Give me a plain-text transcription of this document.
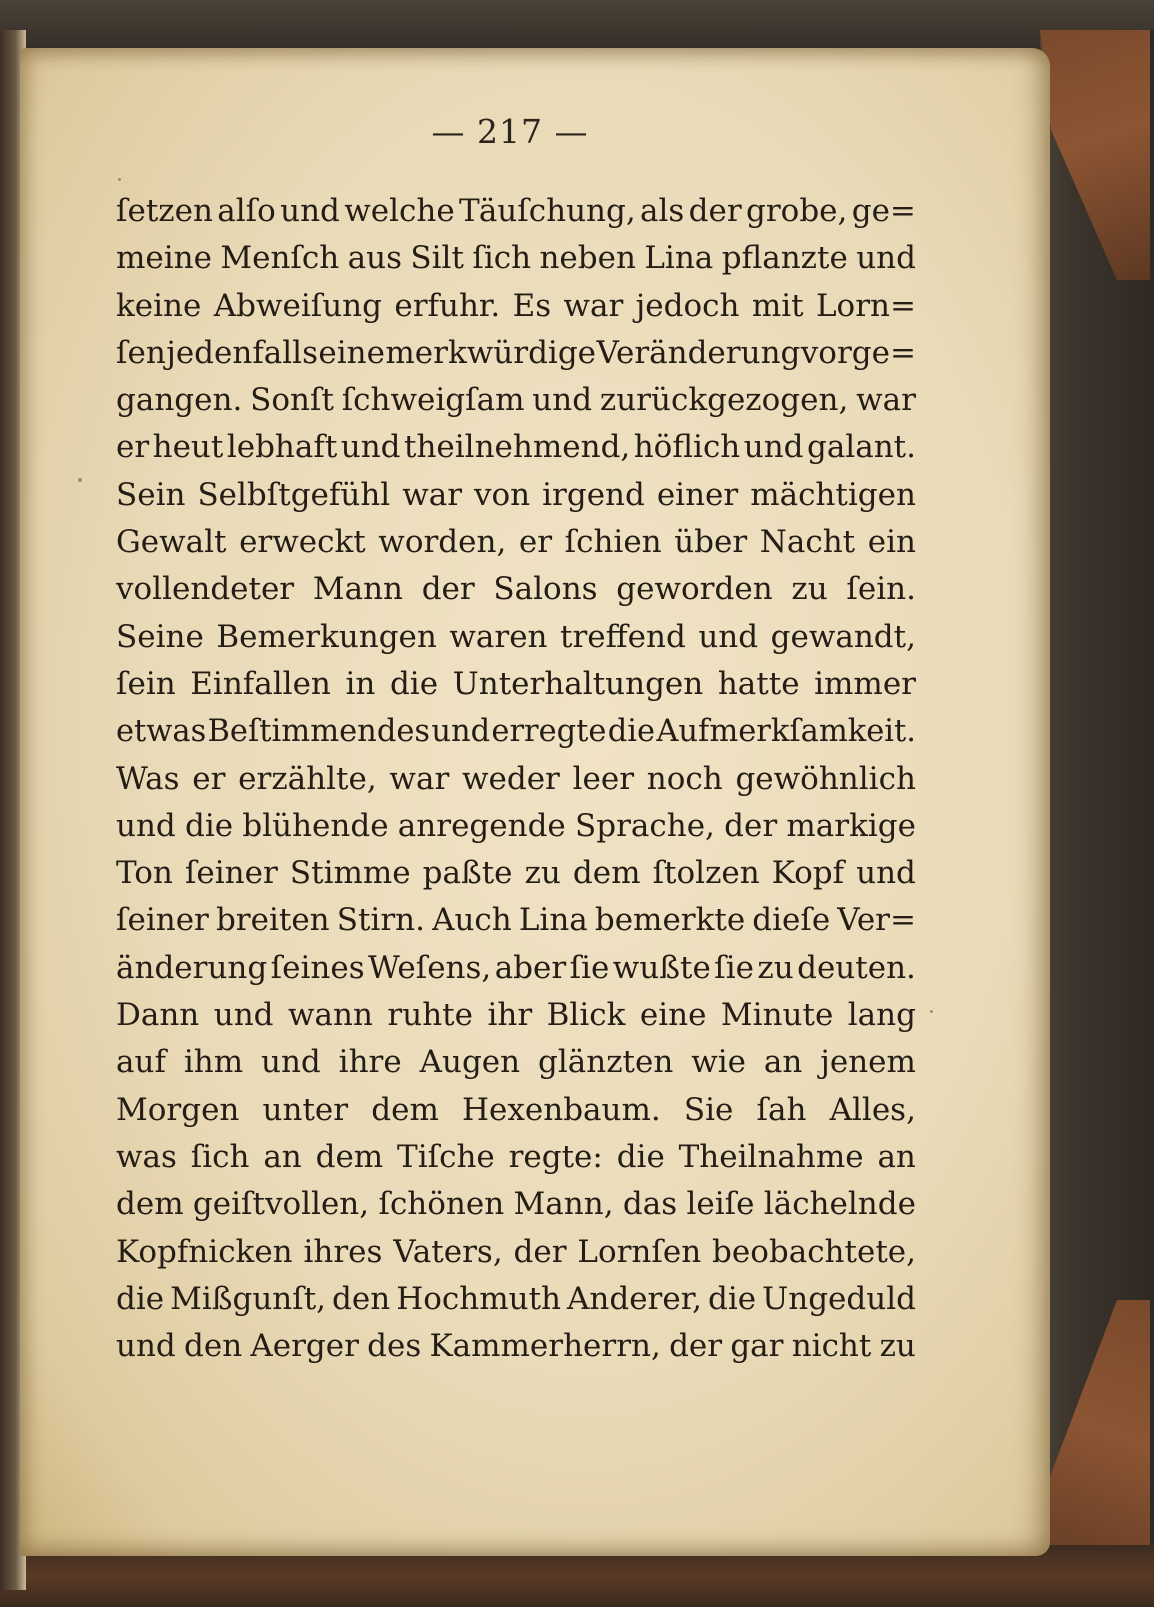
— 217 —
ſetzen alſo und welche Täuſchung, als der grobe, ge=
meine Menſch aus Silt ſich neben Lina pflanzte und
keine Abweiſung erfuhr. Es war jedoch mit Lorn=
ſen jedenfalls eine merkwürdige Veränderung vorge=
gangen. Sonſt ſchweigſam und zurückgezogen, war
er heut lebhaft und theilnehmend, höflich und galant.
Sein Selbſtgefühl war von irgend einer mächtigen
Gewalt erweckt worden, er ſchien über Nacht ein
vollendeter Mann der Salons geworden zu ſein.
Seine Bemerkungen waren treffend und gewandt,
ſein Einfallen in die Unterhaltungen hatte immer
etwas Beſtimmendes und erregte die Aufmerkſamkeit.
Was er erzählte, war weder leer noch gewöhnlich
und die blühende anregende Sprache, der markige
Ton ſeiner Stimme paßte zu dem ſtolzen Kopf und
ſeiner breiten Stirn. Auch Lina bemerkte dieſe Ver=
änderung ſeines Weſens, aber ſie wußte ſie zu deuten.
Dann und wann ruhte ihr Blick eine Minute lang
auf ihm und ihre Augen glänzten wie an jenem
Morgen unter dem Hexenbaum. Sie ſah Alles,
was ſich an dem Tiſche regte: die Theilnahme an
dem geiſtvollen, ſchönen Mann, das leiſe lächelnde
Kopfnicken ihres Vaters, der Lornſen beobachtete,
die Mißgunſt, den Hochmuth Anderer, die Ungeduld
und den Aerger des Kammerherrn, der gar nicht zu
